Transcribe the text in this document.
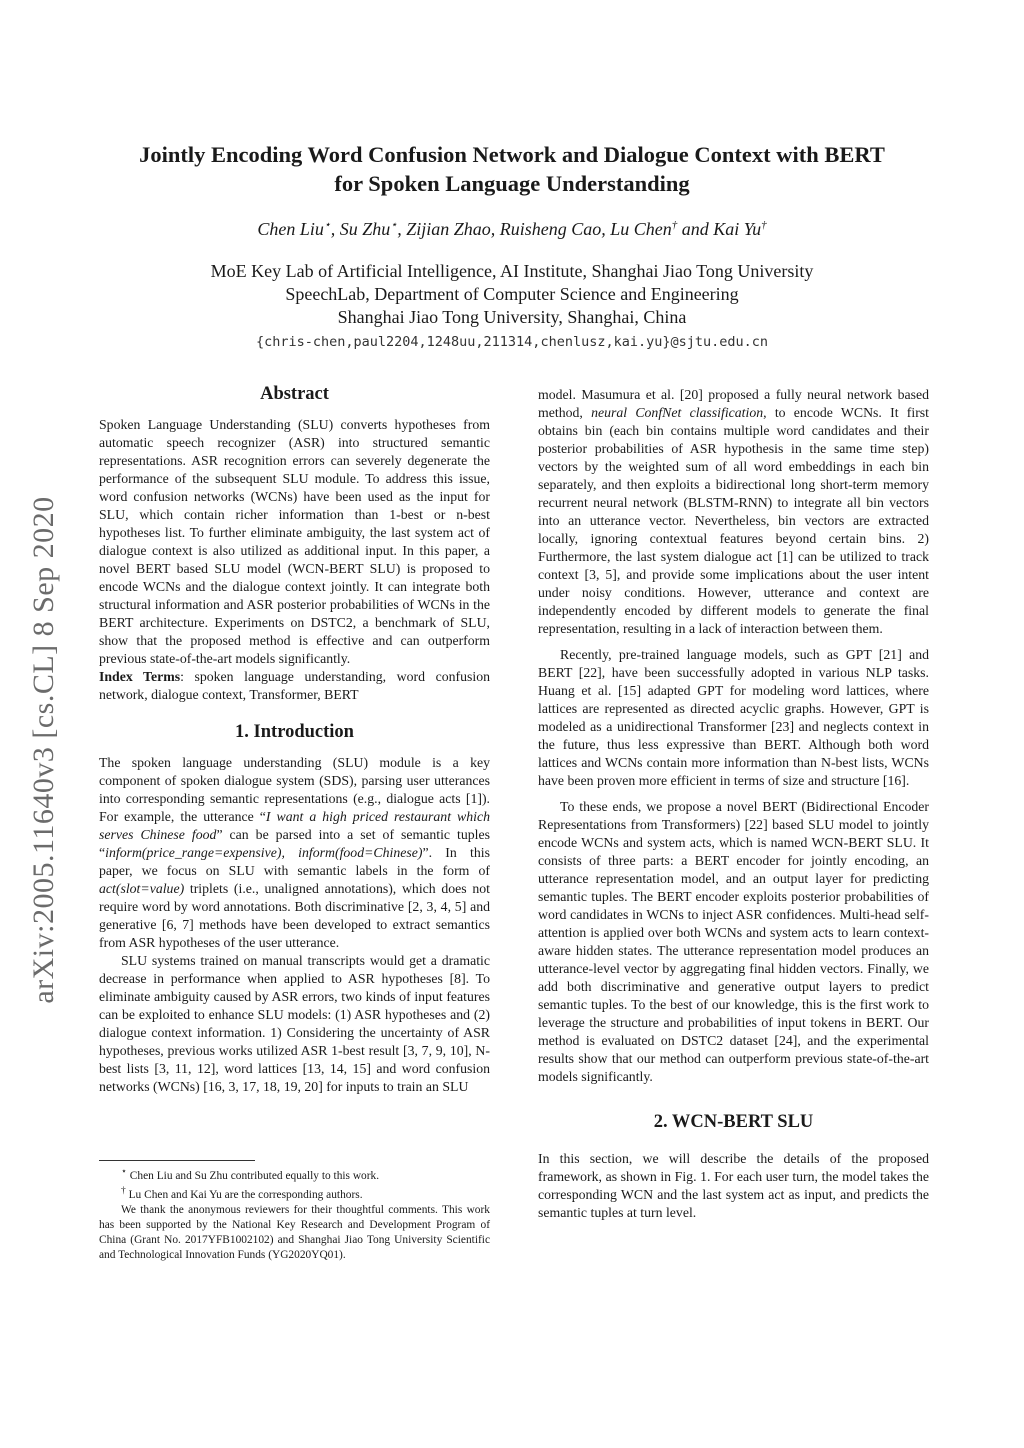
arXiv:2005.11640v3 [cs.CL] 8 Sep 2020
Jointly Encoding Word Confusion Network and Dialogue Context with BERT
for Spoken Language Understanding
Chen Liu⋆, Su Zhu⋆, Zijian Zhao, Ruisheng Cao, Lu Chen† and Kai Yu†
MoE Key Lab of Artificial Intelligence, AI Institute, Shanghai Jiao Tong University
SpeechLab, Department of Computer Science and Engineering
Shanghai Jiao Tong University, Shanghai, China
{chris-chen,paul2204,1248uu,211314,chenlusz,kai.yu}@sjtu.edu.cn
Abstract

Spoken Language Understanding (SLU) converts hypotheses from automatic speech recognizer (ASR) into structured semantic representations. ASR recognition errors can severely degenerate the performance of the subsequent SLU module. To address this issue, word confusion networks (WCNs) have been used as the input for SLU, which contain richer information than 1-best or n-best hypotheses list. To further eliminate ambiguity, the last system act of dialogue context is also utilized as additional input. In this paper, a novel BERT based SLU model (WCN-BERT SLU) is proposed to encode WCNs and the dialogue context jointly. It can integrate both structural information and ASR posterior probabilities of WCNs in the BERT architecture. Experiments on DSTC2, a benchmark of SLU, show that the proposed method is effective and can outperform previous state-of-the-art models significantly.

Index Terms: spoken language understanding, word confusion network, dialogue context, Transformer, BERT

1. Introduction

The spoken language understanding (SLU) module is a key component of spoken dialogue system (SDS), parsing user utterances into corresponding semantic representations (e.g., dialogue acts [1]). For example, the utterance “I want a high priced restaurant which serves Chinese food” can be parsed into a set of semantic tuples “inform(price_range=expensive), inform(food=Chinese)”. In this paper, we focus on SLU with semantic labels in the form of act(slot=value) triplets (i.e., unaligned annotations), which does not require word by word annotations. Both discriminative [2, 3, 4, 5] and generative [6, 7] methods have been developed to extract semantics from ASR hypotheses of the user utterance.

SLU systems trained on manual transcripts would get a dramatic decrease in performance when applied to ASR hypotheses [8]. To eliminate ambiguity caused by ASR errors, two kinds of input features can be exploited to enhance SLU models: (1) ASR hypotheses and (2) dialogue context information. 1) Considering the uncertainty of ASR hypotheses, previous works utilized ASR 1-best result [3, 7, 9, 10], N-best lists [3, 11, 12], word lattices [13, 14, 15] and word confusion networks (WCNs) [16, 3, 17, 18, 19, 20] for inputs to train an SLU

⋆ Chen Liu and Su Zhu contributed equally to this work.
† Lu Chen and Kai Yu are the corresponding authors.
We thank the anonymous reviewers for their thoughtful comments. This work has been supported by the National Key Research and Development Program of China (Grant No. 2017YFB1002102) and Shanghai Jiao Tong University Scientific and Technological Innovation Funds (YG2020YQ01).

model. Masumura et al. [20] proposed a fully neural network based method, neural ConfNet classification, to encode WCNs. It first obtains bin (each bin contains multiple word candidates and their posterior probabilities of ASR hypothesis in the same time step) vectors by the weighted sum of all word embeddings in each bin separately, and then exploits a bidirectional long short-term memory recurrent neural network (BLSTM-RNN) to integrate all bin vectors into an utterance vector. Nevertheless, bin vectors are extracted locally, ignoring contextual features beyond certain bins. 2) Furthermore, the last system dialogue act [1] can be utilized to track context [3, 5], and provide some implications about the user intent under noisy conditions. However, utterance and context are independently encoded by different models to generate the final representation, resulting in a lack of interaction between them.

Recently, pre-trained language models, such as GPT [21] and BERT [22], have been successfully adopted in various NLP tasks. Huang et al. [15] adapted GPT for modeling word lattices, where lattices are represented as directed acyclic graphs. However, GPT is modeled as a unidirectional Transformer [23] and neglects context in the future, thus less expressive than BERT. Although both word lattices and WCNs contain more information than N-best lists, WCNs have been proven more efficient in terms of size and structure [16].

To these ends, we propose a novel BERT (Bidirectional Encoder Representations from Transformers) [22] based SLU model to jointly encode WCNs and system acts, which is named WCN-BERT SLU. It consists of three parts: a BERT encoder for jointly encoding, an utterance representation model, and an output layer for predicting semantic tuples. The BERT encoder exploits posterior probabilities of word candidates in WCNs to inject ASR confidences. Multi-head self-attention is applied over both WCNs and system acts to learn context-aware hidden states. The utterance representation model produces an utterance-level vector by aggregating final hidden vectors. Finally, we add both discriminative and generative output layers to predict semantic tuples. To the best of our knowledge, this is the first work to leverage the structure and probabilities of input tokens in BERT. Our method is evaluated on DSTC2 dataset [24], and the experimental results show that our method can outperform previous state-of-the-art models significantly.

2. WCN-BERT SLU

In this section, we will describe the details of the proposed framework, as shown in Fig. 1. For each user turn, the model takes the corresponding WCN and the last system act as input, and predicts the semantic tuples at turn level.
